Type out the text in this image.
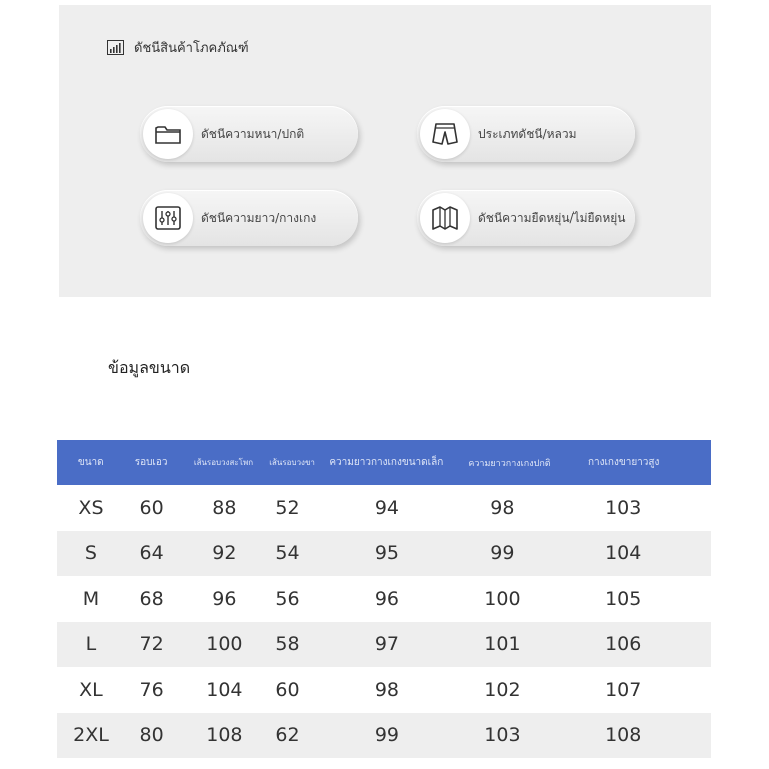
ดัชนีสินค้าโภคภัณฑ์
ดัชนีความหนา/ปกติ	ประเภทดัชนี/หลวม
ดัชนีความยาว/กางเกง	ดัชนีความยืดหยุ่น/ไม่ยืดหยุ่น
ข้อมูลขนาด
ขนาด	รอบเอว	เส้นรอบวงสะโพก	เส้นรอบวงขา	ความยาวกางเกงขนาดเล็ก	ความยาวกางเกงปกติ	กางเกงขายาวสูง
XS	60	88	52	94	98	103
S	64	92	54	95	99	104
M	68	96	56	96	100	105
L	72	100	58	97	101	106
XL	76	104	60	98	102	107
2XL	80	108	62	99	103	108
